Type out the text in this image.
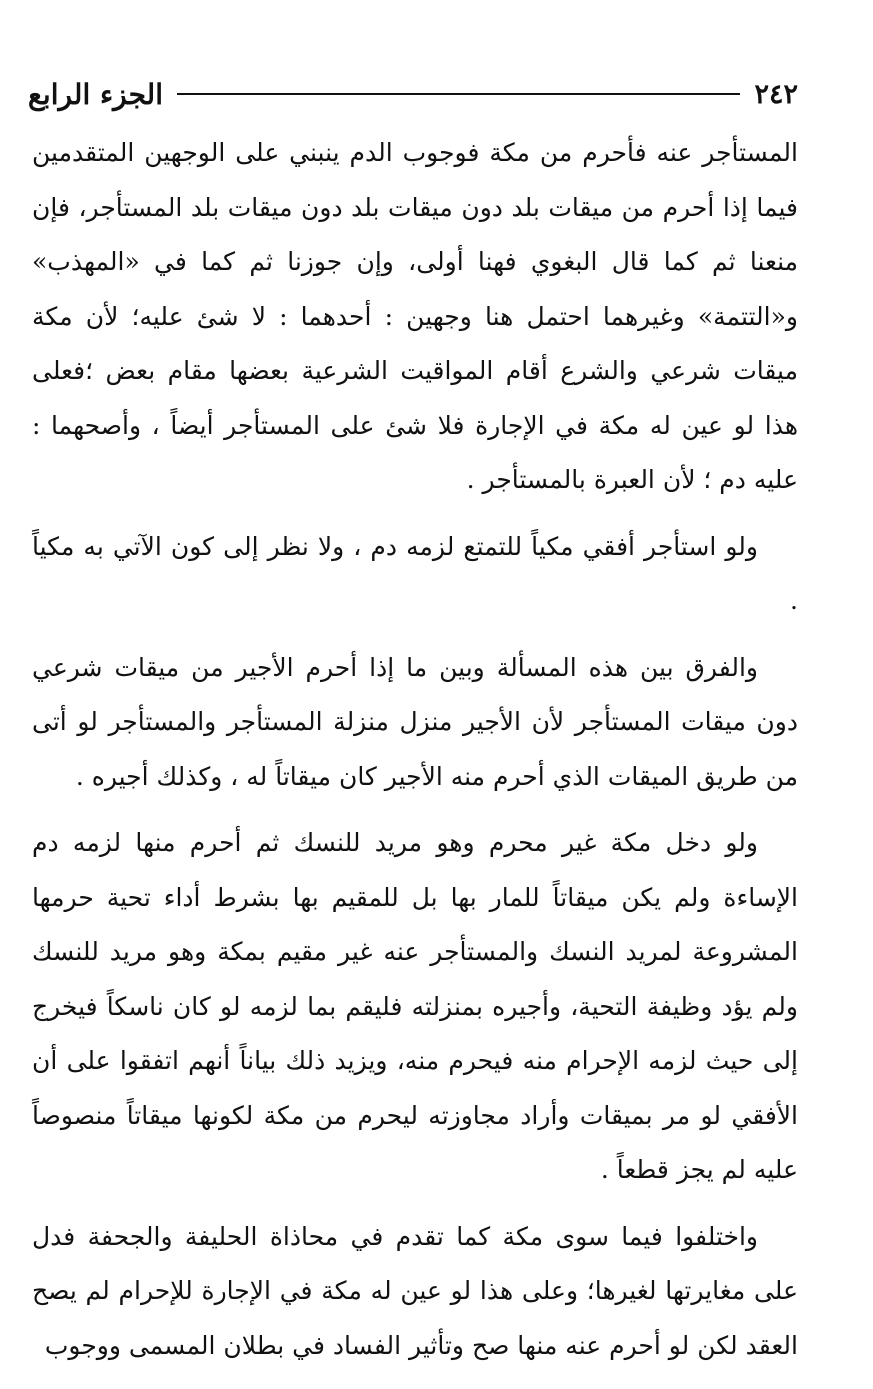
٢٤٢
الجزء الرابع

المستأجر عنه فأحرم من مكة فوجوب الدم ينبني على الوجهين المتقدمين فيما إذا أحرم من ميقات بلد دون ميقات بلد دون ميقات بلد المستأجر، فإن منعنا ثم كما قال البغوي فهنا أولى، وإن جوزنا ثم كما في «المهذب» و«التتمة» وغيرهما احتمل هنا وجهين : أحدهما : لا شئ عليه؛ لأن مكة ميقات شرعي والشرع أقام المواقيت الشرعية بعضها مقام بعض ؛فعلى هذا لو عين له مكة في الإجارة فلا شئ على المستأجر أيضاً ، وأصحهما : عليه دم ؛ لأن العبرة بالمستأجر .

ولو استأجر أفقي مكياً للتمتع لزمه دم ، ولا نظر إلى كون الآتي به مكياً .

والفرق بين هذه المسألة وبين ما إذا أحرم الأجير من ميقات شرعي دون ميقات المستأجر لأن الأجير منزل منزلة المستأجر والمستأجر لو أتى من طريق الميقات الذي أحرم منه الأجير كان ميقاتاً له ، وكذلك أجيره .

ولو دخل مكة غير محرم وهو مريد للنسك ثم أحرم منها لزمه دم الإساءة ولم يكن ميقاتاً للمار بها بل للمقيم بها بشرط أداء تحية حرمها المشروعة لمريد النسك والمستأجر عنه غير مقيم بمكة وهو مريد للنسك ولم يؤد وظيفة التحية، وأجيره بمنزلته فليقم بما لزمه لو كان ناسكاً فيخرج إلى حيث لزمه الإحرام منه فيحرم منه، ويزيد ذلك بياناً أنهم اتفقوا على أن الأفقي لو مر بميقات وأراد مجاوزته ليحرم من مكة لكونها ميقاتاً منصوصاً عليه لم يجز قطعاً .

واختلفوا فيما سوى مكة كما تقدم في محاذاة الحليفة والجحفة فدل على مغايرتها لغيرها؛ وعلى هذا لو عين له مكة في الإجارة للإحرام لم يصح العقد لكن لو أحرم عنه منها صح وتأثير الفساد في بطلان المسمى ووجوب
